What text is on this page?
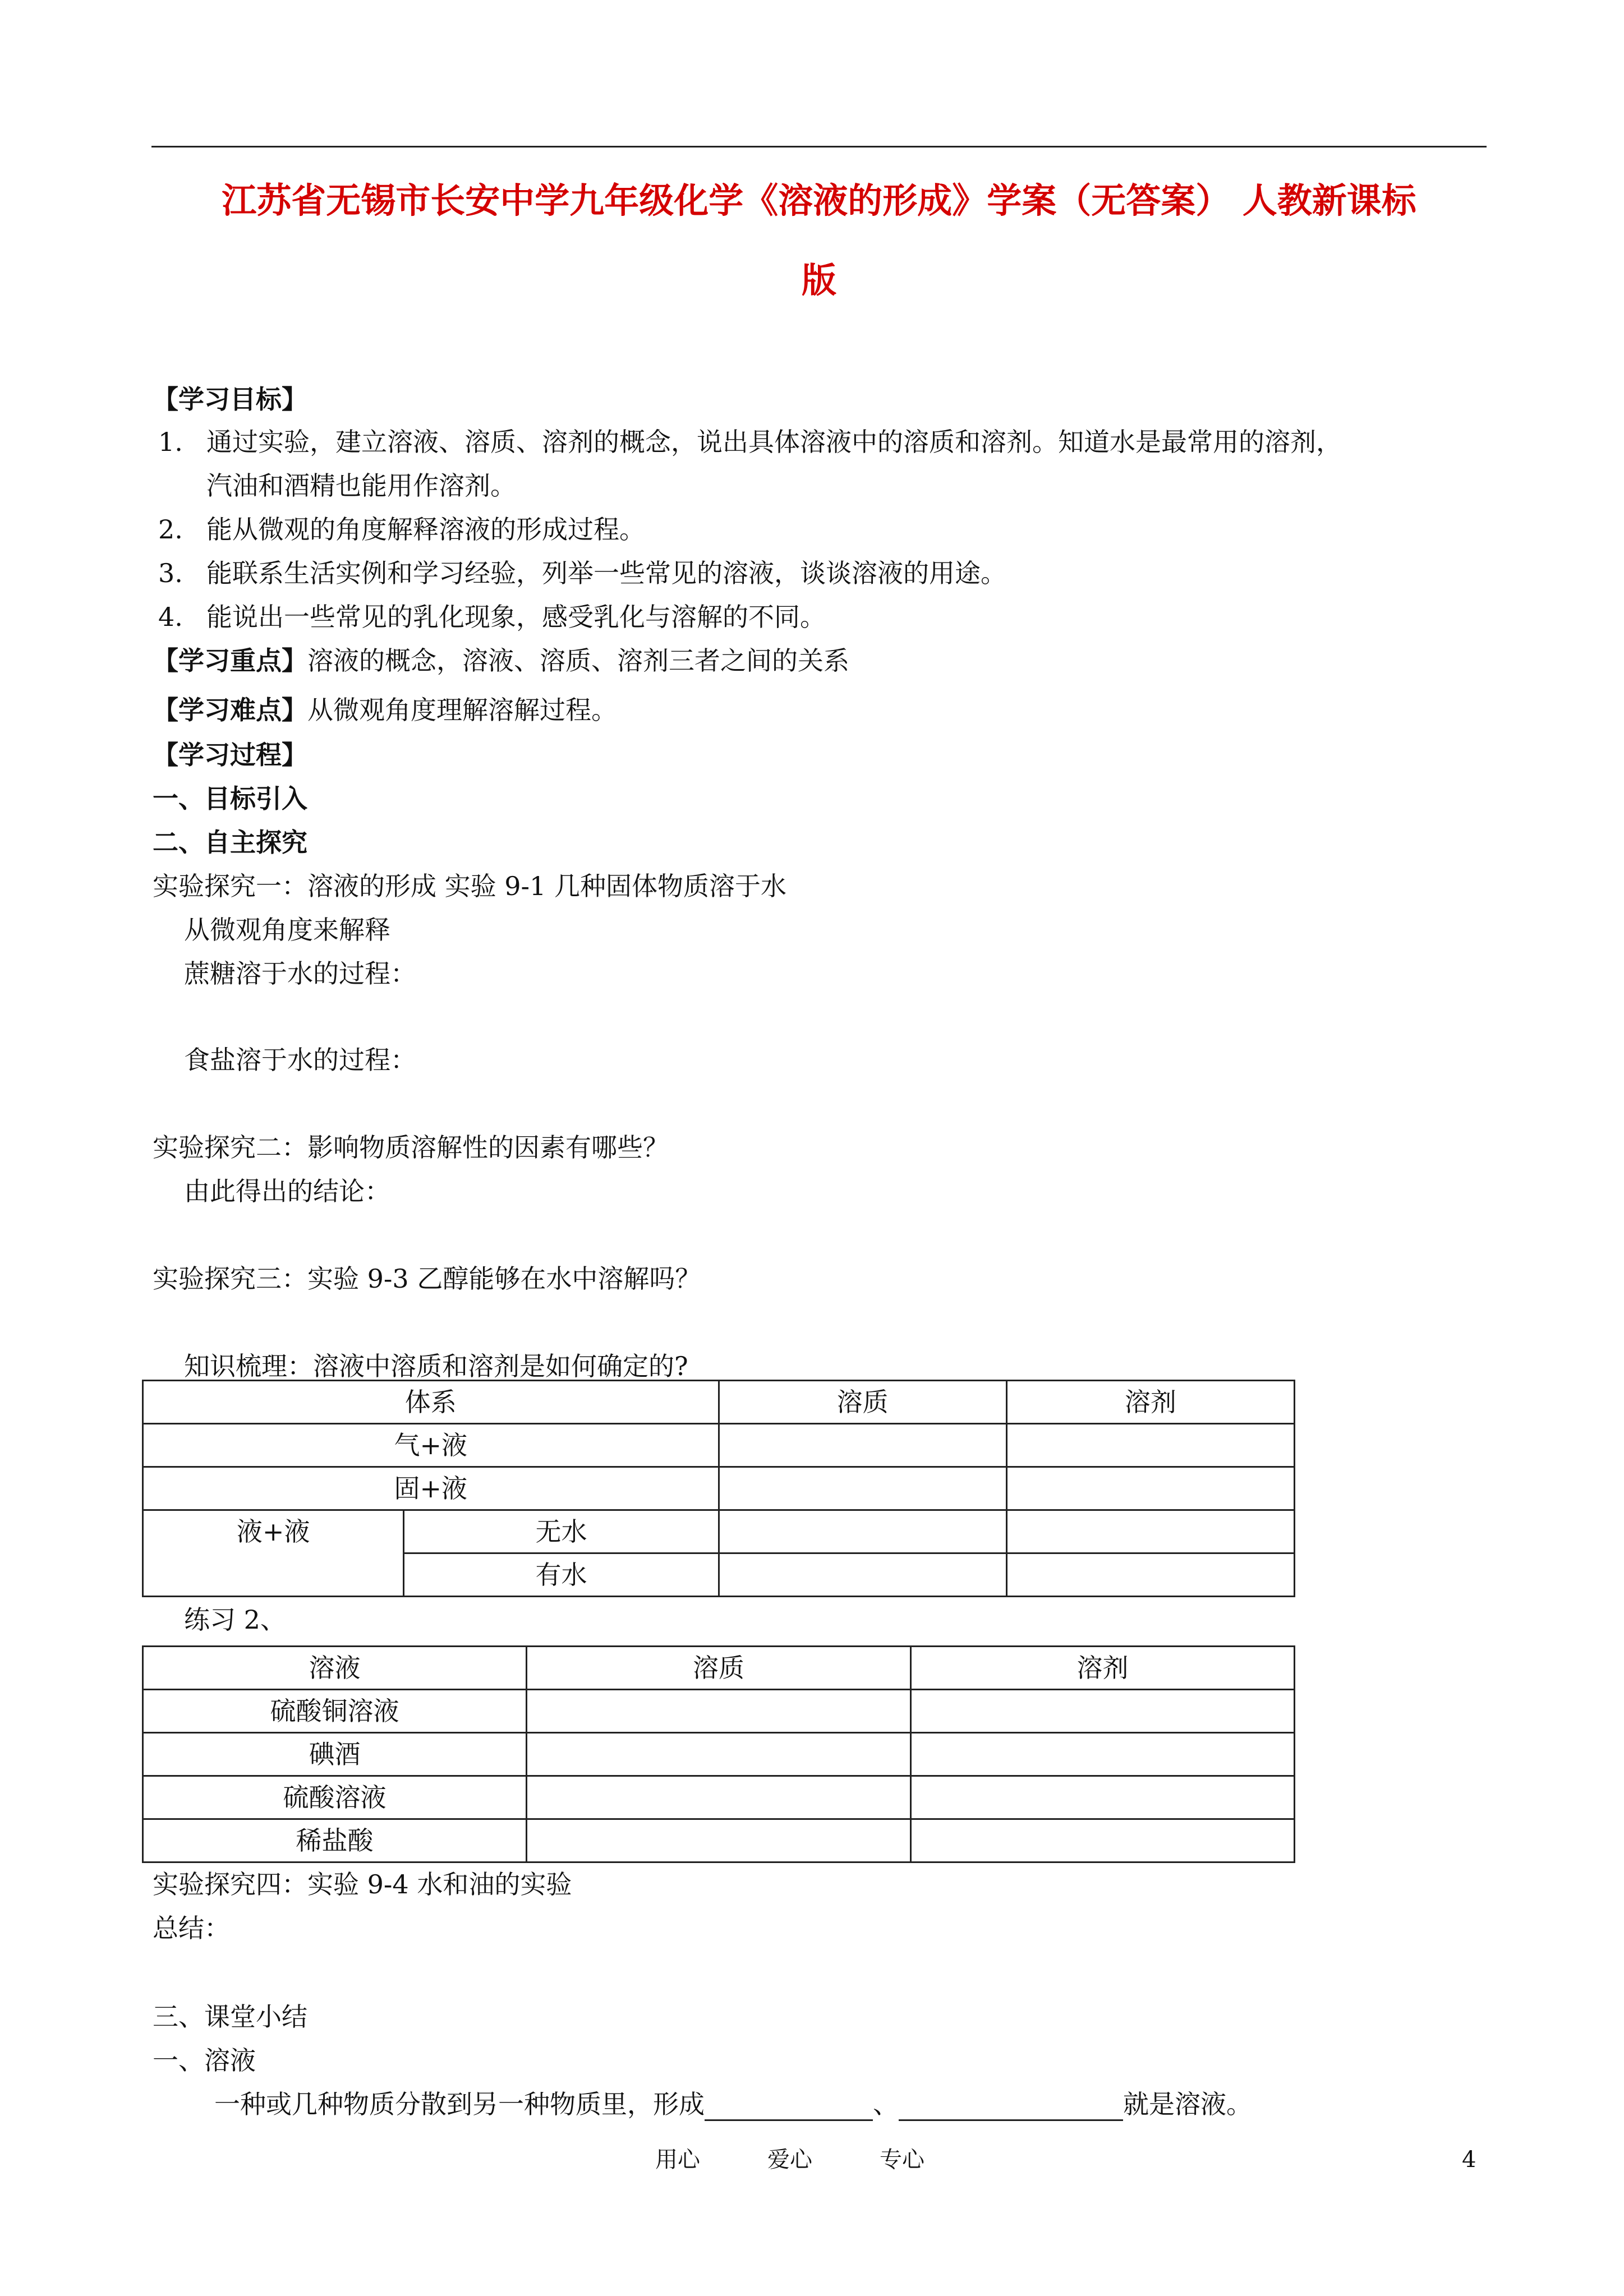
江苏省无锡市长安中学九年级化学《溶液的形成》学案（无答案） 人教新课标
版
【学习目标】
1. 通过实验，建立溶液、溶质、溶剂的概念，说出具体溶液中的溶质和溶剂。知道水是最常用的溶剂，
汽油和酒精也能用作溶剂。
2. 能从微观的角度解释溶液的形成过程。
3. 能联系生活实例和学习经验，列举一些常见的溶液，谈谈溶液的用途。
4. 能说出一些常见的乳化现象，感受乳化与溶解的不同。
【学习重点】溶液的概念，溶液、溶质、溶剂三者之间的关系
【学习难点】从微观角度理解溶解过程。
【学习过程】
一、目标引入
二、自主探究
实验探究一：溶液的形成 实验 9-1 几种固体物质溶于水
从微观角度来解释
蔗糖溶于水的过程：
食盐溶于水的过程：
实验探究二：影响物质溶解性的因素有哪些？
由此得出的结论：
实验探究三：实验 9-3 乙醇能够在水中溶解吗？
知识梳理：溶液中溶质和溶剂是如何确定的?
体系		溶质	溶剂
气+液			
固+液			
液+液	无水		
	有水		
练习 2、
溶液	溶质	溶剂
硫酸铜溶液		
碘酒		
硫酸溶液		
稀盐酸		
实验探究四：实验 9-4 水和油的实验
总结：
三、课堂小结
一、溶液
一种或几种物质分散到另一种物质里，形成	、	就是溶液。
用心	爱心	专心	4
